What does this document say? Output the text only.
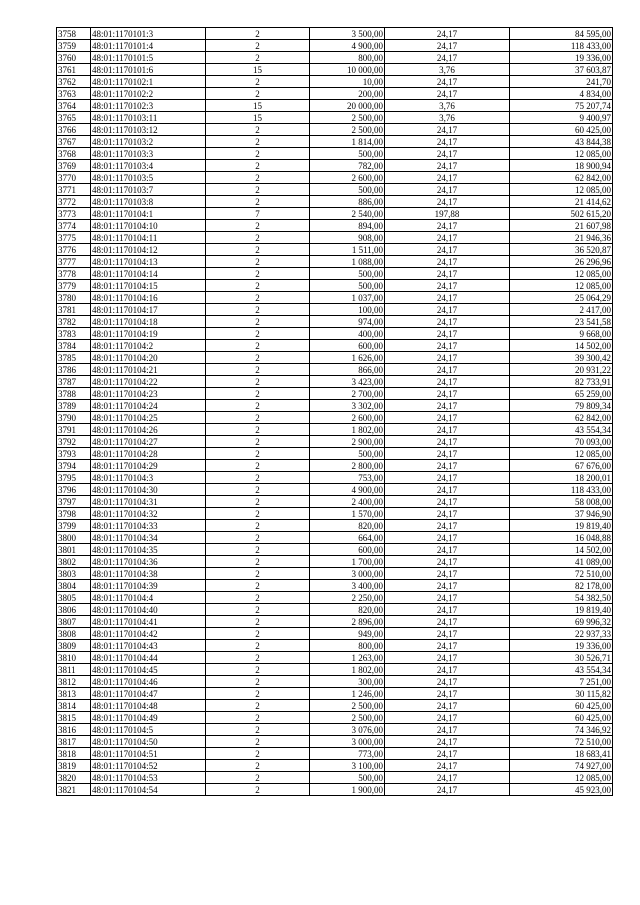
3758	48:01:1170101:3	2	3 500,00	24,17	84 595,00
3759	48:01:1170101:4	2	4 900,00	24,17	118 433,00
3760	48:01:1170101:5	2	800,00	24,17	19 336,00
3761	48:01:1170101:6	15	10 000,00	3,76	37 603,87
3762	48:01:1170102:1	2	10,00	24,17	241,70
3763	48:01:1170102:2	2	200,00	24,17	4 834,00
3764	48:01:1170102:3	15	20 000,00	3,76	75 207,74
3765	48:01:1170103:11	15	2 500,00	3,76	9 400,97
3766	48:01:1170103:12	2	2 500,00	24,17	60 425,00
3767	48:01:1170103:2	2	1 814,00	24,17	43 844,38
3768	48:01:1170103:3	2	500,00	24,17	12 085,00
3769	48:01:1170103:4	2	782,00	24,17	18 900,94
3770	48:01:1170103:5	2	2 600,00	24,17	62 842,00
3771	48:01:1170103:7	2	500,00	24,17	12 085,00
3772	48:01:1170103:8	2	886,00	24,17	21 414,62
3773	48:01:1170104:1	7	2 540,00	197,88	502 615,20
3774	48:01:1170104:10	2	894,00	24,17	21 607,98
3775	48:01:1170104:11	2	908,00	24,17	21 946,36
3776	48:01:1170104:12	2	1 511,00	24,17	36 520,87
3777	48:01:1170104:13	2	1 088,00	24,17	26 296,96
3778	48:01:1170104:14	2	500,00	24,17	12 085,00
3779	48:01:1170104:15	2	500,00	24,17	12 085,00
3780	48:01:1170104:16	2	1 037,00	24,17	25 064,29
3781	48:01:1170104:17	2	100,00	24,17	2 417,00
3782	48:01:1170104:18	2	974,00	24,17	23 541,58
3783	48:01:1170104:19	2	400,00	24,17	9 668,00
3784	48:01:1170104:2	2	600,00	24,17	14 502,00
3785	48:01:1170104:20	2	1 626,00	24,17	39 300,42
3786	48:01:1170104:21	2	866,00	24,17	20 931,22
3787	48:01:1170104:22	2	3 423,00	24,17	82 733,91
3788	48:01:1170104:23	2	2 700,00	24,17	65 259,00
3789	48:01:1170104:24	2	3 302,00	24,17	79 809,34
3790	48:01:1170104:25	2	2 600,00	24,17	62 842,00
3791	48:01:1170104:26	2	1 802,00	24,17	43 554,34
3792	48:01:1170104:27	2	2 900,00	24,17	70 093,00
3793	48:01:1170104:28	2	500,00	24,17	12 085,00
3794	48:01:1170104:29	2	2 800,00	24,17	67 676,00
3795	48:01:1170104:3	2	753,00	24,17	18 200,01
3796	48:01:1170104:30	2	4 900,00	24,17	118 433,00
3797	48:01:1170104:31	2	2 400,00	24,17	58 008,00
3798	48:01:1170104:32	2	1 570,00	24,17	37 946,90
3799	48:01:1170104:33	2	820,00	24,17	19 819,40
3800	48:01:1170104:34	2	664,00	24,17	16 048,88
3801	48:01:1170104:35	2	600,00	24,17	14 502,00
3802	48:01:1170104:36	2	1 700,00	24,17	41 089,00
3803	48:01:1170104:38	2	3 000,00	24,17	72 510,00
3804	48:01:1170104:39	2	3 400,00	24,17	82 178,00
3805	48:01:1170104:4	2	2 250,00	24,17	54 382,50
3806	48:01:1170104:40	2	820,00	24,17	19 819,40
3807	48:01:1170104:41	2	2 896,00	24,17	69 996,32
3808	48:01:1170104:42	2	949,00	24,17	22 937,33
3809	48:01:1170104:43	2	800,00	24,17	19 336,00
3810	48:01:1170104:44	2	1 263,00	24,17	30 526,71
3811	48:01:1170104:45	2	1 802,00	24,17	43 554,34
3812	48:01:1170104:46	2	300,00	24,17	7 251,00
3813	48:01:1170104:47	2	1 246,00	24,17	30 115,82
3814	48:01:1170104:48	2	2 500,00	24,17	60 425,00
3815	48:01:1170104:49	2	2 500,00	24,17	60 425,00
3816	48:01:1170104:5	2	3 076,00	24,17	74 346,92
3817	48:01:1170104:50	2	3 000,00	24,17	72 510,00
3818	48:01:1170104:51	2	773,00	24,17	18 683,41
3819	48:01:1170104:52	2	3 100,00	24,17	74 927,00
3820	48:01:1170104:53	2	500,00	24,17	12 085,00
3821	48:01:1170104:54	2	1 900,00	24,17	45 923,00
